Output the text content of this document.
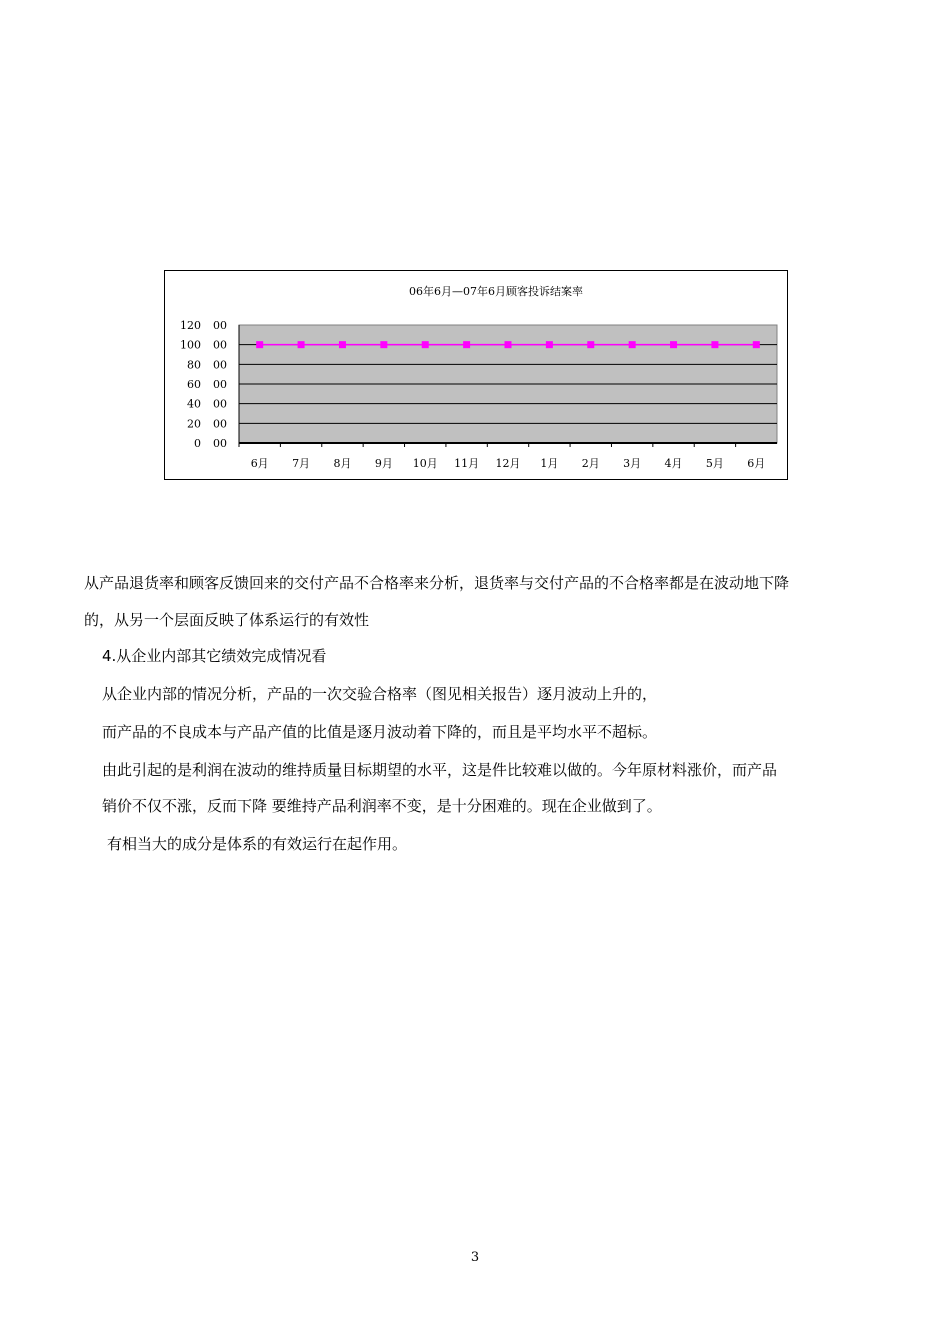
06年6月—07年6月顾客投诉结案率
120 00
100 00
80 00
60 00
40 00
20 00
0 00
6月 7月 8月 9月 10月 11月 12月 1月 2月 3月 4月 5月 6月
从产品退货率和顾客反馈回来的交付产品不合格率来分析，退货率与交付产品的不合格率都是在波动地下降
的，从另一个层面反映了体系运行的有效性
4.从企业内部其它绩效完成情况看
从企业内部的情况分析，产品的一次交验合格率（图见相关报告）逐月波动上升的，
而产品的不良成本与产品产值的比值是逐月波动着下降的，而且是平均水平不超标。
由此引起的是利润在波动的维持质量目标期望的水平，这是件比较难以做的。今年原材料涨价，而产品
销价不仅不涨，反而下降 要维持产品利润率不变，是十分困难的。现在企业做到了。
有相当大的成分是体系的有效运行在起作用。
3
